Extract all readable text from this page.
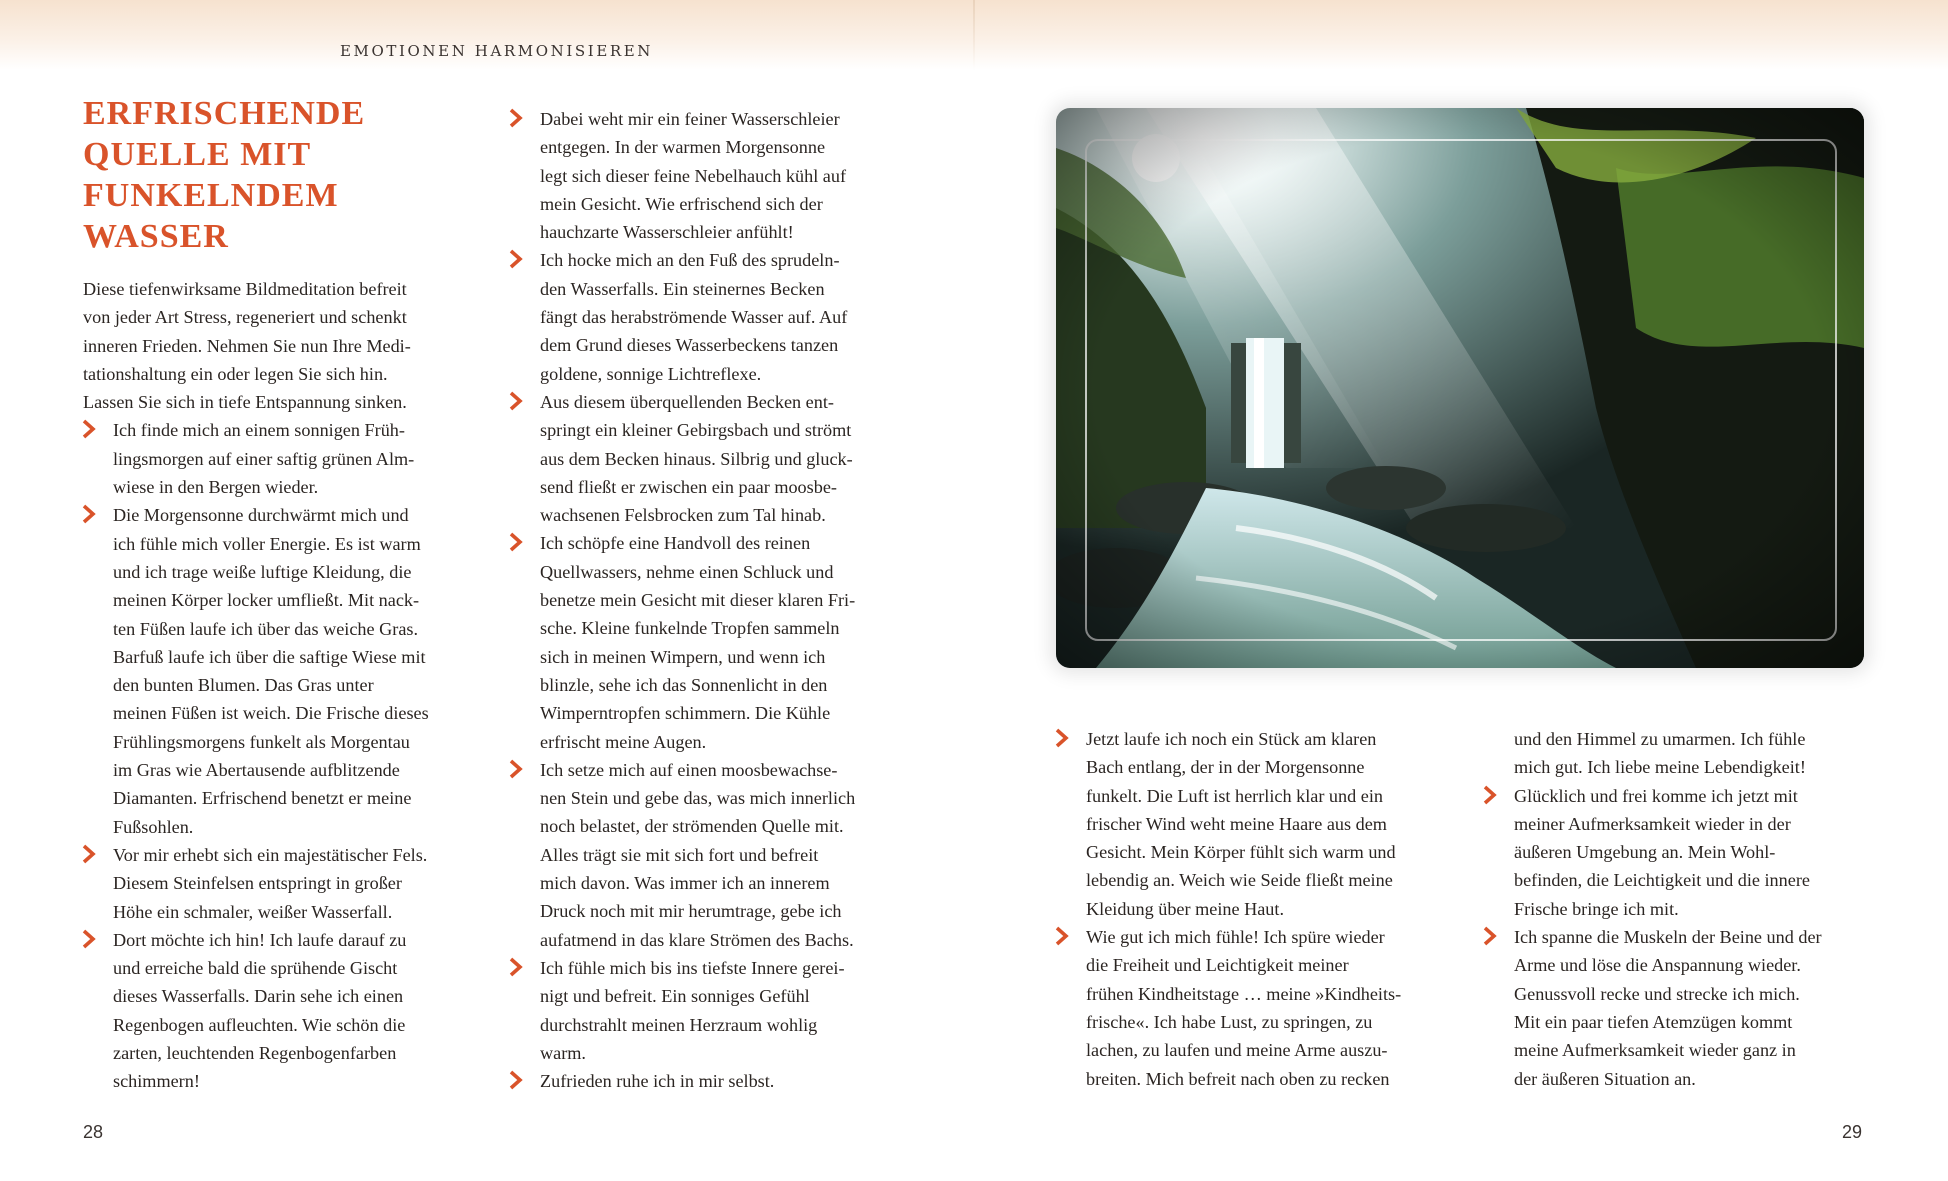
EMOTIONEN HARMONISIEREN
ERFRISCHENDE
QUELLE MIT
FUNKELNDEM
WASSER

Diese tiefenwirksame Bildmeditation befreit
von jeder Art Stress, regeneriert und schenkt
inneren Frieden. Nehmen Sie nun Ihre Medi-
tationshaltung ein oder legen Sie sich hin.
Lassen Sie sich in tiefe Entspannung sinken.

Ich finde mich an einem sonnigen Früh-
lingsmorgen auf einer saftig grünen Alm-
wiese in den Bergen wieder.

Die Morgensonne durchwärmt mich und
ich fühle mich voller Energie. Es ist warm
und ich trage weiße luftige Kleidung, die
meinen Körper locker umfließt. Mit nack-
ten Füßen laufe ich über das weiche Gras.
Barfuß laufe ich über die saftige Wiese mit
den bunten Blumen. Das Gras unter
meinen Füßen ist weich. Die Frische dieses
Frühlingsmorgens funkelt als Morgentau
im Gras wie Abertausende aufblitzende
Diamanten. Erfrischend benetzt er meine
Fußsohlen.

Vor mir erhebt sich ein majestätischer Fels.
Diesem Steinfelsen entspringt in großer
Höhe ein schmaler, weißer Wasserfall.

Dort möchte ich hin! Ich laufe darauf zu
und erreiche bald die sprühende Gischt
dieses Wasserfalls. Darin sehe ich einen
Regenbogen aufleuchten. Wie schön die
zarten, leuchtenden Regenbogenfarben
schimmern!

Dabei weht mir ein feiner Wasserschleier
entgegen. In der warmen Morgensonne
legt sich dieser feine Nebelhauch kühl auf
mein Gesicht. Wie erfrischend sich der
hauchzarte Wasserschleier anfühlt!

Ich hocke mich an den Fuß des sprudeln-
den Wasserfalls. Ein steinernes Becken
fängt das herabströmende Wasser auf. Auf
dem Grund dieses Wasserbeckens tanzen
goldene, sonnige Lichtreflexe.

Aus diesem überquellenden Becken ent-
springt ein kleiner Gebirgsbach und strömt
aus dem Becken hinaus. Silbrig und gluck-
send fließt er zwischen ein paar moosbe-
wachsenen Felsbrocken zum Tal hinab.

Ich schöpfe eine Handvoll des reinen
Quellwassers, nehme einen Schluck und
benetze mein Gesicht mit dieser klaren Fri-
sche. Kleine funkelnde Tropfen sammeln
sich in meinen Wimpern, und wenn ich
blinzle, sehe ich das Sonnenlicht in den
Wimperntropfen schimmern. Die Kühle
erfrischt meine Augen.

Ich setze mich auf einen moosbewachse-
nen Stein und gebe das, was mich innerlich
noch belastet, der strömenden Quelle mit.
Alles trägt sie mit sich fort und befreit
mich davon. Was immer ich an innerem
Druck noch mit mir herumtrage, gebe ich
aufatmend in das klare Strömen des Bachs.

Ich fühle mich bis ins tiefste Innere gerei-
nigt und befreit. Ein sonniges Gefühl
durchstrahlt meinen Herzraum wohlig
warm.

Zufrieden ruhe ich in mir selbst.

Jetzt laufe ich noch ein Stück am klaren
Bach entlang, der in der Morgensonne
funkelt. Die Luft ist herrlich klar und ein
frischer Wind weht meine Haare aus dem
Gesicht. Mein Körper fühlt sich warm und
lebendig an. Weich wie Seide fließt meine
Kleidung über meine Haut.

Wie gut ich mich fühle! Ich spüre wieder
die Freiheit und Leichtigkeit meiner
frühen Kindheitstage … meine »Kindheits-
frische«. Ich habe Lust, zu springen, zu
lachen, zu laufen und meine Arme auszu-
breiten. Mich befreit nach oben zu recken

und den Himmel zu umarmen. Ich fühle
mich gut. Ich liebe meine Lebendigkeit!

Glücklich und frei komme ich jetzt mit
meiner Aufmerksamkeit wieder in der
äußeren Umgebung an. Mein Wohl-
befinden, die Leichtigkeit und die innere
Frische bringe ich mit.

Ich spanne die Muskeln der Beine und der
Arme und löse die Anspannung wieder.
Genussvoll recke und strecke ich mich.
Mit ein paar tiefen Atemzügen kommt
meine Aufmerksamkeit wieder ganz in
der äußeren Situation an.

28	29
